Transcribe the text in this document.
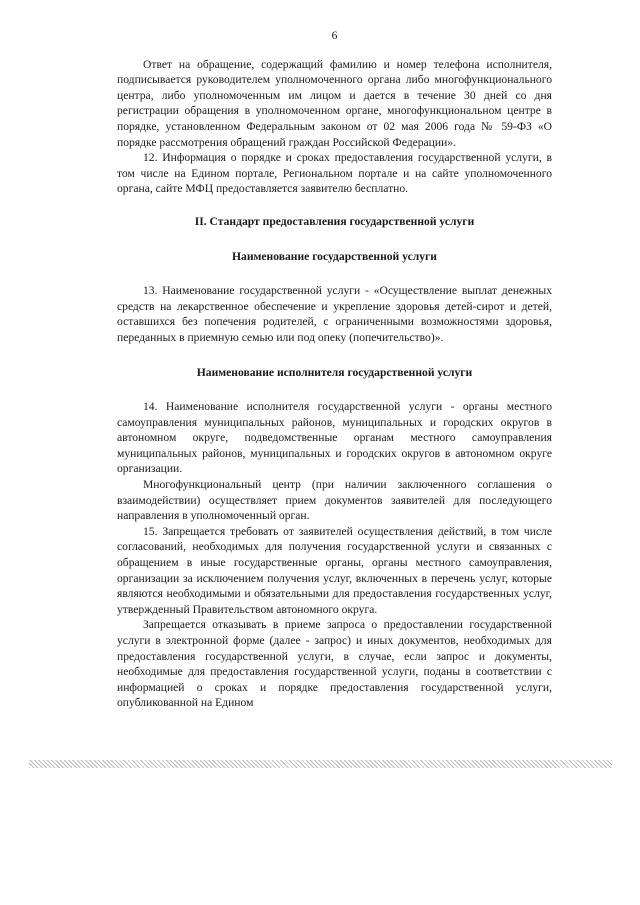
6

Ответ на обращение, содержащий фамилию и номер телефона исполнителя, подписывается руководителем уполномоченного органа либо многофункционального центра, либо уполномоченным им лицом и дается в течение 30 дней со дня регистрации обращения в уполномоченном органе, многофункциональном центре в порядке, установленном Федеральным законом от 02 мая 2006 года № 59-ФЗ «О порядке рассмотрения обращений граждан Российской Федерации».

12. Информация о порядке и сроках предоставления государственной услуги, в том числе на Едином портале, Региональном портале и на сайте уполномоченного органа, сайте МФЦ предоставляется заявителю бесплатно.

II. Стандарт предоставления государственной услуги
Наименование государственной услуги

13. Наименование государственной услуги - «Осуществление выплат денежных средств на лекарственное обеспечение и укрепление здоровья детей-сирот и детей, оставшихся без попечения родителей, с ограниченными возможностями здоровья, переданных в приемную семью или под опеку (попечительство)».

Наименование исполнителя государственной услуги

14. Наименование исполнителя государственной услуги - органы местного самоуправления муниципальных районов, муниципальных и городских округов в автономном округе, подведомственные органам местного самоуправления муниципальных районов, муниципальных и городских округов в автономном округе организации.

Многофункциональный центр (при наличии заключенного соглашения о взаимодействии) осуществляет прием документов заявителей для последующего направления в уполномоченный орган.

15. Запрещается требовать от заявителей осуществления действий, в том числе согласований, необходимых для получения государственной услуги и связанных с обращением в иные государственные органы, органы местного самоуправления, организации за исключением получения услуг, включенных в перечень услуг, которые являются необходимыми и обязательными для предоставления государственных услуг, утвержденный Правительством автономного округа.

Запрещается отказывать в приеме запроса о предоставлении государственной услуги в электронной форме (далее - запрос) и иных документов, необходимых для предоставления государственной услуги, в случае, если запрос и документы, необходимые для предоставления государственной услуги, поданы в соответствии с информацией о сроках и порядке предоставления государственной услуги, опубликованной на Едином
